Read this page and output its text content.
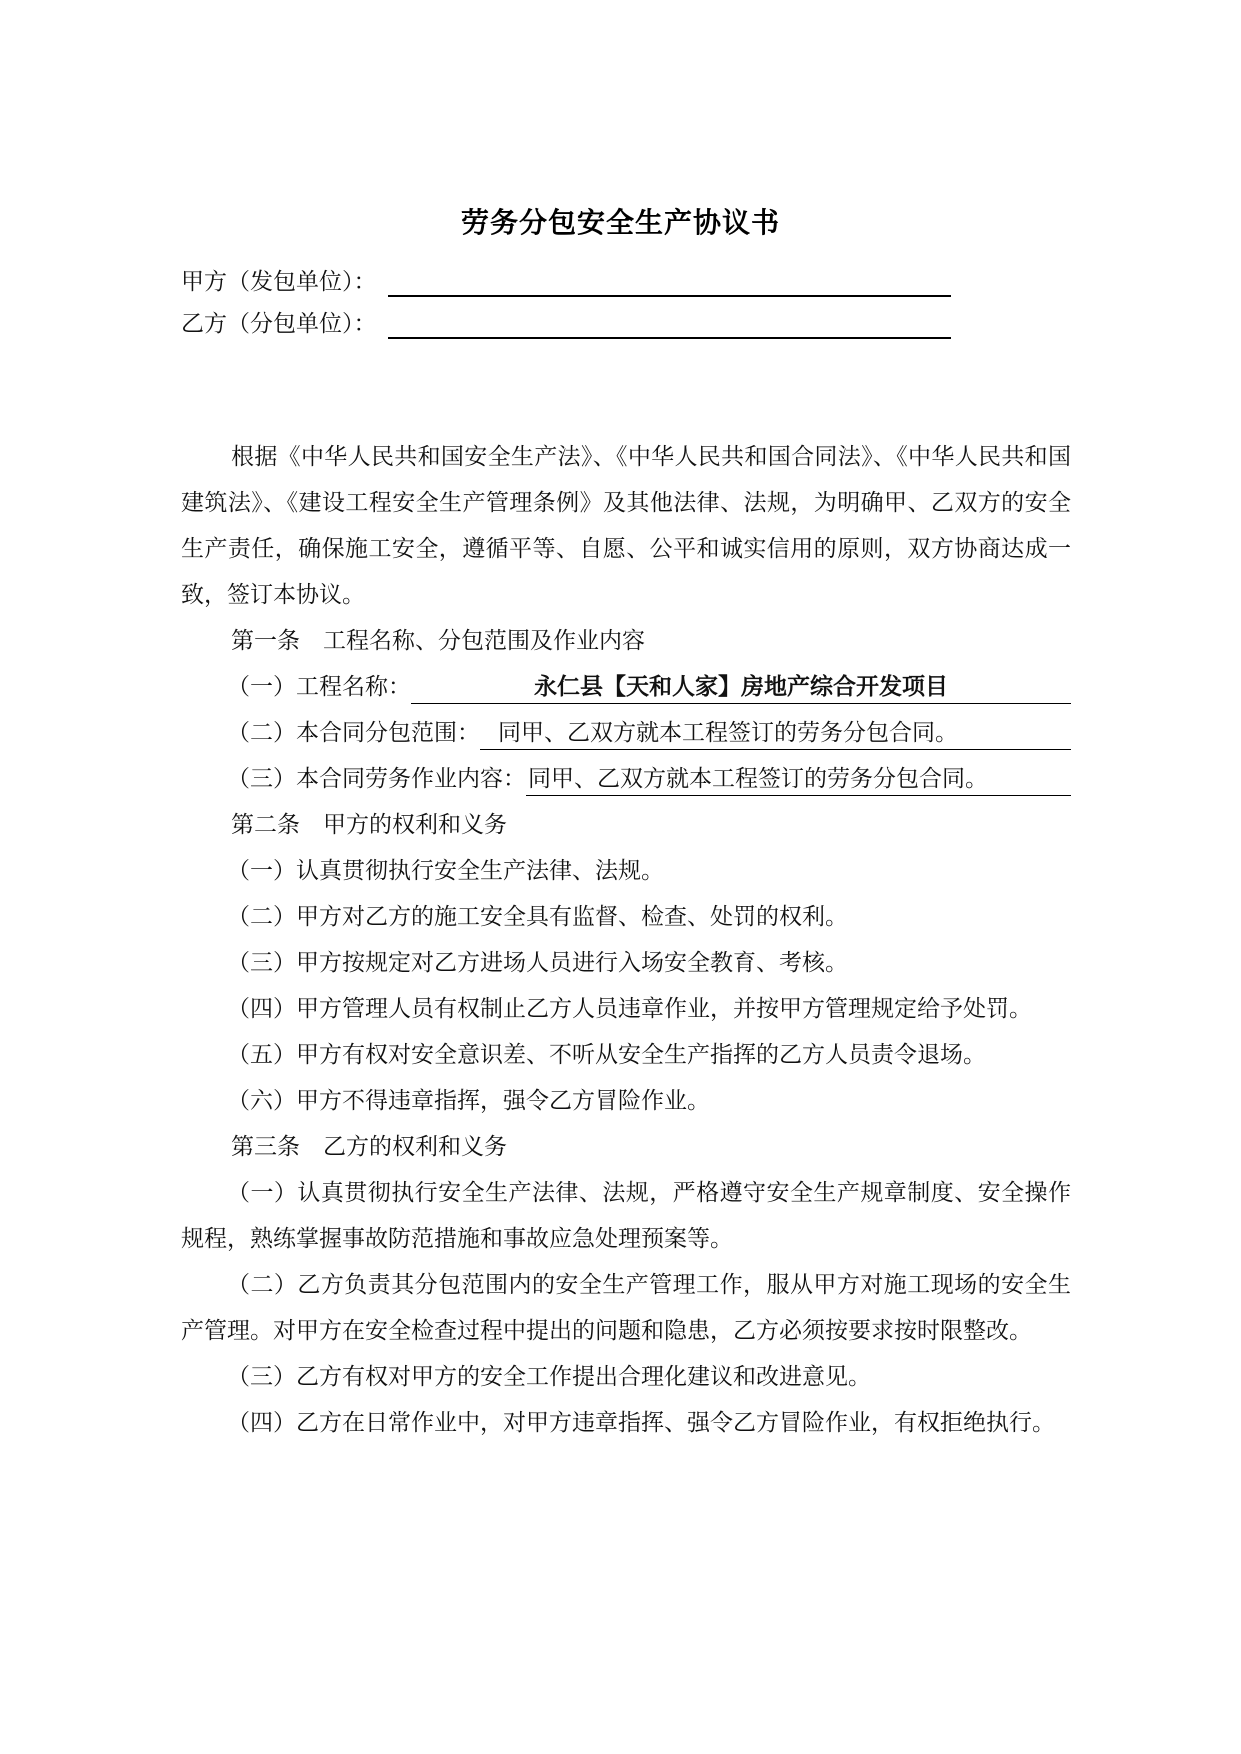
劳务分包安全生产协议书
甲方（发包单位）：
乙方（分包单位）：

根据《中华人民共和国安全生产法》、《中华人民共和国合同法》、《中华人民共和国建筑法》、《建设工程安全生产管理条例》及其他法律、法规，为明确甲、乙双方的安全生产责任，确保施工安全，遵循平等、自愿、公平和诚实信用的原则，双方协商达成一致，签订本协议。

第一条　工程名称、分包范围及作业内容

（一）工程名称：	永仁县【天和人家】房地产综合开发项目
（二）本合同分包范围： 同甲、乙双方就本工程签订的劳务分包合同。
（三）本合同劳务作业内容： 同甲、乙双方就本工程签订的劳务分包合同。

第二条　甲方的权利和义务

（一）认真贯彻执行安全生产法律、法规。

（二）甲方对乙方的施工安全具有监督、检查、处罚的权利。

（三）甲方按规定对乙方进场人员进行入场安全教育、考核。

（四）甲方管理人员有权制止乙方人员违章作业，并按甲方管理规定给予处罚。

（五）甲方有权对安全意识差、不听从安全生产指挥的乙方人员责令退场。

（六）甲方不得违章指挥，强令乙方冒险作业。

第三条　乙方的权利和义务

（一）认真贯彻执行安全生产法律、法规，严格遵守安全生产规章制度、安全操作规程，熟练掌握事故防范措施和事故应急处理预案等。

（二）乙方负责其分包范围内的安全生产管理工作，服从甲方对施工现场的安全生产管理。对甲方在安全检查过程中提出的问题和隐患，乙方必须按要求按时限整改。

（三）乙方有权对甲方的安全工作提出合理化建议和改进意见。

（四）乙方在日常作业中，对甲方违章指挥、强令乙方冒险作业，有权拒绝执行。
